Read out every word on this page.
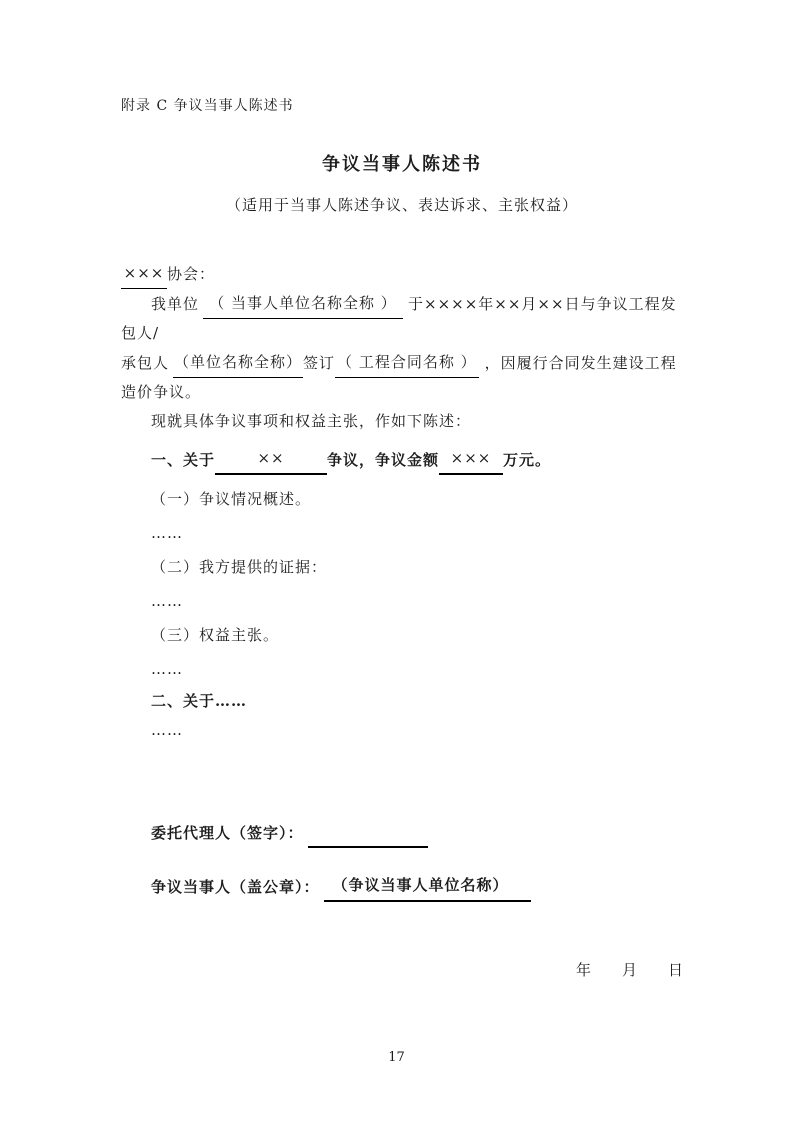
附录 C 争议当事人陈述书
争议当事人陈述书
（适用于当事人陈述争议、表达诉求、主张权益）
××× 协会：
我单位 （ 当事人单位名称全称 ） 于××××年××月××日与争议工程发包人/
承包人 （单位名称全称）签订 （ 工程合同名称 ） ，因履行合同发生建设工程
造价争议。
现就具体争议事项和权益主张，作如下陈述：
一、关于	××	争议，争议金额 ××× 万元。
（一）争议情况概述。
……
（二）我方提供的证据：
……
（三）权益主张。
……
二、关于……
……
委托代理人（签字）：
争议当事人（盖公章）： （争议当事人单位名称）
年 月 日
17
